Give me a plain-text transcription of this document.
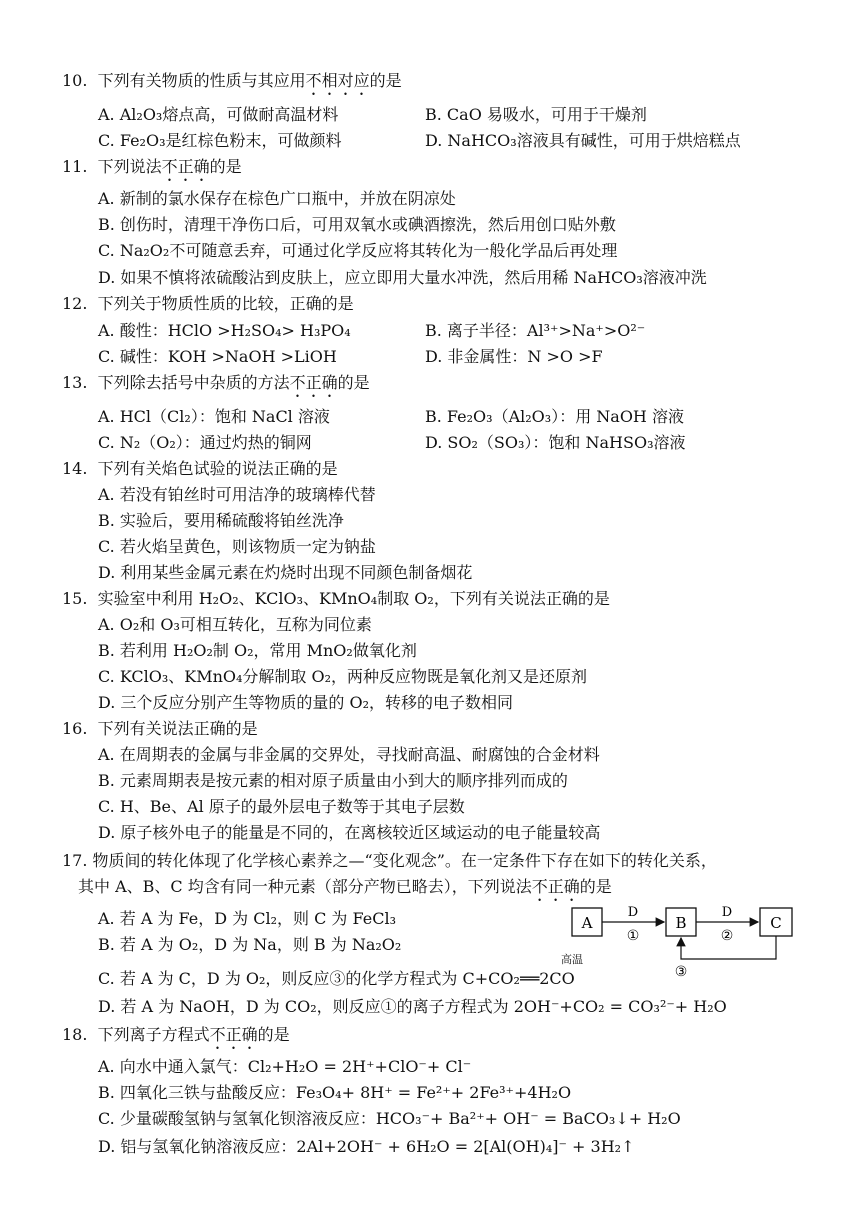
10. 下列有关物质的性质与其应用不相对应的是
A. Al₂O₃熔点高，可做耐高温材料	B. CaO 易吸水，可用于干燥剂
C. Fe₂O₃是红棕色粉末，可做颜料	D. NaHCO₃溶液具有碱性，可用于烘焙糕点
11. 下列说法不正确的是
A. 新制的氯水保存在棕色广口瓶中，并放在阴凉处
B. 创伤时，清理干净伤口后，可用双氧水或碘酒擦洗，然后用创口贴外敷
C. Na₂O₂不可随意丢弃，可通过化学反应将其转化为一般化学品后再处理
D. 如果不慎将浓硫酸沾到皮肤上，应立即用大量水冲洗，然后用稀 NaHCO₃溶液冲洗
12. 下列关于物质性质的比较，正确的是
A. 酸性：HClO >H₂SO₄> H₃PO₄	B. 离子半径：Al³⁺>Na⁺>O²⁻
C. 碱性：KOH >NaOH >LiOH	D. 非金属性：N >O >F
13. 下列除去括号中杂质的方法不正确的是
A. HCl（Cl₂）：饱和 NaCl 溶液	B. Fe₂O₃（Al₂O₃）：用 NaOH 溶液
C. N₂（O₂）：通过灼热的铜网	D. SO₂（SO₃）：饱和 NaHSO₃溶液
14. 下列有关焰色试验的说法正确的是
A. 若没有铂丝时可用洁净的玻璃棒代替
B. 实验后，要用稀硫酸将铂丝洗净
C. 若火焰呈黄色，则该物质一定为钠盐
D. 利用某些金属元素在灼烧时出现不同颜色制备烟花
15. 实验室中利用 H₂O₂、KClO₃、KMnO₄制取 O₂，下列有关说法正确的是
A. O₂和 O₃可相互转化，互称为同位素
B. 若利用 H₂O₂制 O₂，常用 MnO₂做氧化剂
C. KClO₃、KMnO₄分解制取 O₂，两种反应物既是氧化剂又是还原剂
D. 三个反应分别产生等物质的量的 O₂，转移的电子数相同
16. 下列有关说法正确的是
A. 在周期表的金属与非金属的交界处，寻找耐高温、耐腐蚀的合金材料
B. 元素周期表是按元素的相对原子质量由小到大的顺序排列而成的
C. H、Be、Al 原子的最外层电子数等于其电子层数
D. 原子核外电子的能量是不同的，在离核较近区域运动的电子能量较高
17. 物质间的转化体现了化学核心素养之—“变化观念”。在一定条件下存在如下的转化关系，
其中 A、B、C 均含有同一种元素（部分产物已略去），下列说法不正确的是
A. 若 A 为 Fe，D 为 Cl₂，则 C 为 FeCl₃
B. 若 A 为 O₂，D 为 Na，则 B 为 Na₂O₂
C. 若 A 为 C，D 为 O₂，则反应③的化学方程式为 C+CO₂══2CO
高温
D. 若 A 为 NaOH，D 为 CO₂，则反应①的离子方程式为 2OH⁻+CO₂ = CO₃²⁻+ H₂O
A	B	C
D	D
①	②
③
18. 下列离子方程式不正确的是
A. 向水中通入氯气：Cl₂+H₂O = 2H⁺+ClO⁻+ Cl⁻
B. 四氧化三铁与盐酸反应：Fe₃O₄+ 8H⁺ = Fe²⁺+ 2Fe³⁺+4H₂O
C. 少量碳酸氢钠与氢氧化钡溶液反应：HCO₃⁻+ Ba²⁺+ OH⁻ = BaCO₃↓+ H₂O
D. 铝与氢氧化钠溶液反应：2Al+2OH⁻ + 6H₂O = 2[Al(OH)₄]⁻ + 3H₂↑
